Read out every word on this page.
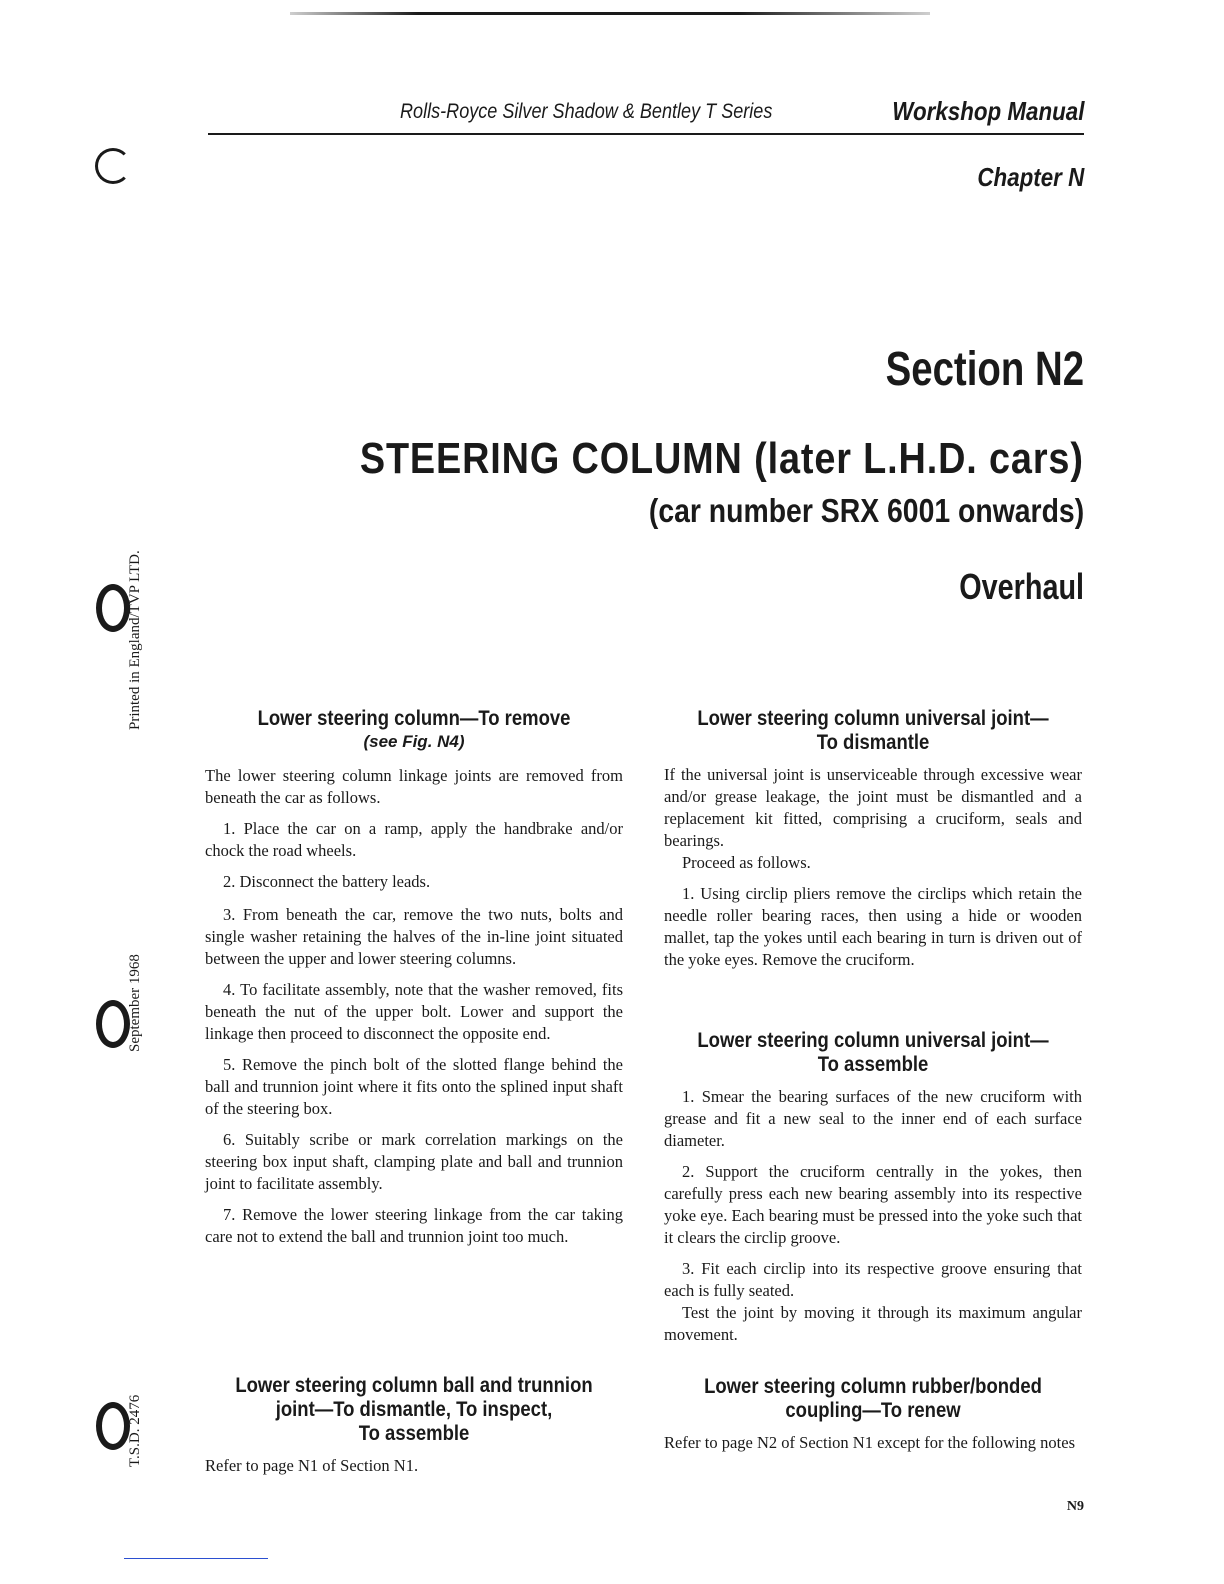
Rolls-Royce Silver Shadow & Bentley T Series	Workshop Manual
Chapter N
Section N2
STEERING COLUMN (later L.H.D. cars)
(car number SRX 6001 onwards)
Overhaul
Printed in England/TVP LTD.
September 1968
T.S.D. 2476

Lower steering column—To remove

(see Fig. N4)

The lower steering column linkage joints are removed from beneath the car as follows.

1. Place the car on a ramp, apply the handbrake and/or chock the road wheels.

2. Disconnect the battery leads.

3. From beneath the car, remove the two nuts, bolts and single washer retaining the halves of the in-line joint situated between the upper and lower steering columns.

4. To facilitate assembly, note that the washer removed, fits beneath the nut of the upper bolt. Lower and support the linkage then proceed to disconnect the opposite end.

5. Remove the pinch bolt of the slotted flange behind the ball and trunnion joint where it fits onto the splined input shaft of the steering box.

6. Suitably scribe or mark correlation markings on the steering box input shaft, clamping plate and ball and trunnion joint to facilitate assembly.

7. Remove the lower steering linkage from the car taking care not to extend the ball and trunnion joint too much.

Lower steering column ball and trunnion

joint—To dismantle, To inspect,

To assemble

Refer to page N1 of Section N1.

Lower steering column universal joint—

To dismantle

If the universal joint is unserviceable through excessive wear and/or grease leakage, the joint must be dismantled and a replacement kit fitted, comprising a cruciform, seals and bearings.

Proceed as follows.

1. Using circlip pliers remove the circlips which retain the needle roller bearing races, then using a hide or wooden mallet, tap the yokes until each bearing in turn is driven out of the yoke eyes. Remove the cruciform.

Lower steering column universal joint—

To assemble

1. Smear the bearing surfaces of the new cruciform with grease and fit a new seal to the inner end of each surface diameter.

2. Support the cruciform centrally in the yokes, then carefully press each new bearing assembly into its respective yoke eye. Each bearing must be pressed into the yoke such that it clears the circlip groove.

3. Fit each circlip into its respective groove ensuring that each is fully seated.

Test the joint by moving it through its maximum angular movement.

Lower steering column rubber/bonded

coupling—To renew

Refer to page N2 of Section N1 except for the following notes

N9
